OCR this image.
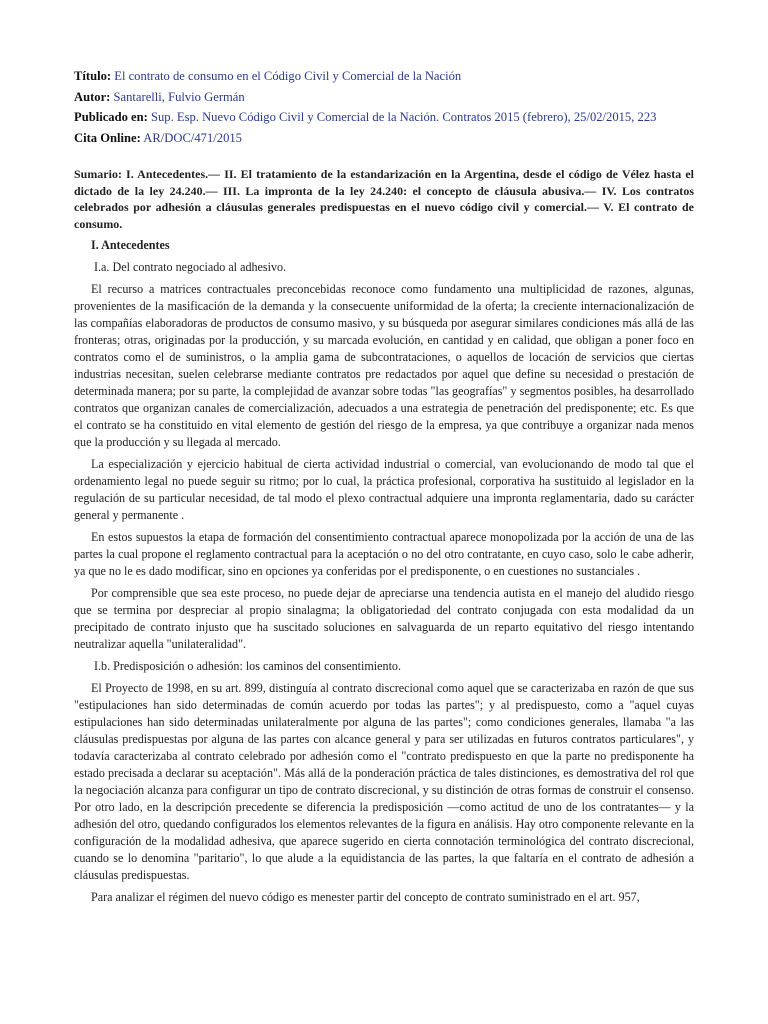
Título: El contrato de consumo en el Código Civil y Comercial de la Nación
Autor: Santarelli, Fulvio Germán
Publicado en: Sup. Esp. Nuevo Código Civil y Comercial de la Nación. Contratos 2015 (febrero), 25/02/2015, 223
Cita Online: AR/DOC/471/2015
Sumario: I. Antecedentes.— II. El tratamiento de la estandarización en la Argentina, desde el código de Vélez hasta el dictado de la ley 24.240.— III. La impronta de la ley 24.240: el concepto de cláusula abusiva.— IV. Los contratos celebrados por adhesión a cláusulas generales predispuestas en el nuevo código civil y comercial.— V. El contrato de consumo.
I. Antecedentes
I.a. Del contrato negociado al adhesivo.

El recurso a matrices contractuales preconcebidas reconoce como fundamento una multiplicidad de razones, algunas, provenientes de la masificación de la demanda y la consecuente uniformidad de la oferta; la creciente internacionalización de las compañías elaboradoras de productos de consumo masivo, y su búsqueda por asegurar similares condiciones más allá de las fronteras; otras, originadas por la producción, y su marcada evolución, en cantidad y en calidad, que obligan a poner foco en contratos como el de suministros, o la amplia gama de subcontrataciones, o aquellos de locación de servicios que ciertas industrias necesitan, suelen celebrarse mediante contratos pre redactados por aquel que define su necesidad o prestación de determinada manera; por su parte, la complejidad de avanzar sobre todas "las geografías" y segmentos posibles, ha desarrollado contratos que organizan canales de comercialización, adecuados a una estrategia de penetración del predisponente; etc. Es que el contrato se ha constituido en vital elemento de gestión del riesgo de la empresa, ya que contribuye a organizar nada menos que la producción y su llegada al mercado.

La especialización y ejercicio habitual de cierta actividad industrial o comercial, van evolucionando de modo tal que el ordenamiento legal no puede seguir su ritmo; por lo cual, la práctica profesional, corporativa ha sustituido al legislador en la regulación de su particular necesidad, de tal modo el plexo contractual adquiere una impronta reglamentaria, dado su carácter general y permanente .

En estos supuestos la etapa de formación del consentimiento contractual aparece monopolizada por la acción de una de las partes la cual propone el reglamento contractual para la aceptación o no del otro contratante, en cuyo caso, solo le cabe adherir, ya que no le es dado modificar, sino en opciones ya conferidas por el predisponente, o en cuestiones no sustanciales .

Por comprensible que sea este proceso, no puede dejar de apreciarse una tendencia autista en el manejo del aludido riesgo que se termina por despreciar al propio sinalagma; la obligatoriedad del contrato conjugada con esta modalidad da un precipitado de contrato injusto que ha suscitado soluciones en salvaguarda de un reparto equitativo del riesgo intentando neutralizar aquella "unilateralidad".

I.b. Predisposición o adhesión: los caminos del consentimiento.

El Proyecto de 1998, en su art. 899, distinguía al contrato discrecional como aquel que se caracterizaba en razón de que sus "estipulaciones han sido determinadas de común acuerdo por todas las partes"; y al predispuesto, como a "aquel cuyas estipulaciones han sido determinadas unilateralmente por alguna de las partes"; como condiciones generales, llamaba "a las cláusulas predispuestas por alguna de las partes con alcance general y para ser utilizadas en futuros contratos particulares", y todavía caracterizaba al contrato celebrado por adhesión como el "contrato predispuesto en que la parte no predisponente ha estado precisada a declarar su aceptación". Más allá de la ponderación práctica de tales distinciones, es demostrativa del rol que la negociación alcanza para configurar un tipo de contrato discrecional, y su distinción de otras formas de construir el consenso. Por otro lado, en la descripción precedente se diferencia la predisposición —como actitud de uno de los contratantes— y la adhesión del otro, quedando configurados los elementos relevantes de la figura en análisis. Hay otro componente relevante en la configuración de la modalidad adhesiva, que aparece sugerido en cierta connotación terminológica del contrato discrecional, cuando se lo denomina "paritario", lo que alude a la equidistancia de las partes, la que faltaría en el contrato de adhesión a cláusulas predispuestas.

Para analizar el régimen del nuevo código es menester partir del concepto de contrato suministrado en el art. 957,
